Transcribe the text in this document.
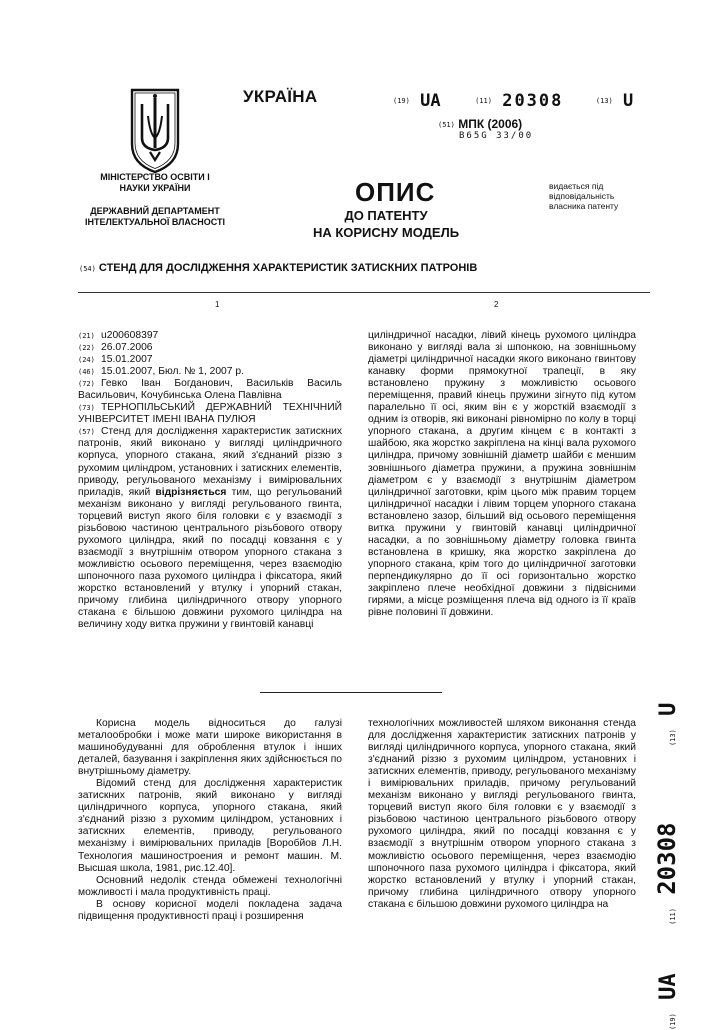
МІНІСТЕРСТВО ОСВІТИ І НАУКИ УКРАЇНИ
ДЕРЖАВНИЙ ДЕПАРТАМЕНТ ІНТЕЛЕКТУАЛЬНОЇ ВЛАСНОСТІ
УКРАЇНА	(19) UA	(11) 20308	(13) U
(51) МПК (2006)
B65G 33/00
ОПИС
ДО ПАТЕНТУ
НА КОРИСНУ МОДЕЛЬ
видається під відповідальність власника патенту
(54) СТЕНД ДЛЯ ДОСЛІДЖЕННЯ ХАРАКТЕРИСТИК ЗАТИСКНИХ ПАТРОНІВ
1	2
(21) u200608397
(22) 26.07.2006
(24) 15.01.2007
(46) 15.01.2007, Бюл. № 1, 2007 р.
(72) Гевко Іван Богданович, Васильків Василь Васильович, Кочубинська Олена Павлівна
(73) ТЕРНОПІЛЬСЬКИЙ ДЕРЖАВНИЙ ТЕХНІЧНИЙ УНІВЕРСИТЕТ ІМЕНІ ІВАНА ПУЛЮЯ

(57) Стенд для дослідження характеристик затискних патронів, який виконано у вигляді циліндричного корпуса, упорного стакана, який з'єднаний різзю з рухомим циліндром, установних і затискних елементів, приводу, регульованого механізму і вимірювальних приладів, який відрізняється тим, що регульований механізм виконано у вигляді регульованого гвинта, торцевий виступ якого біля головки є у взаємодії з різьбовою частиною центрального різьбового отвору рухомого циліндра, який по посадці ковзання є у взаємодії з внутрішнім отвором упорного стакана з можливістю осьового переміщення, через взаємодію шпоночного паза рухомого циліндра і фіксатора, який жорстко встановлений у втулку і упорний стакан, причому глибина циліндричного отвору упорного стакана є більшою довжини рухомого циліндра на величину ходу витка пружини у гвинтовій канавці

циліндричної насадки, лівий кінець рухомого циліндра виконано у вигляді вала зі шпонкою, на зовнішньому діаметрі циліндричної насадки якого виконано гвинтову канавку форми прямокутної трапеції, в яку встановлено пружину з можливістю осьового переміщення, правий кінець пружини зігнуто під кутом паралельно її осі, яким він є у жорсткій взаємодії з одним із отворів, які виконані рівномірно по колу в торці упорного стакана, а другим кінцем є в контакті з шайбою, яка жорстко закріплена на кінці вала рухомого циліндра, причому зовнішній діаметр шайби є меншим зовнішнього діаметра пружини, а пружина зовнішнім діаметром є у взаємодії з внутрішнім діаметром циліндричної заготовки, крім цього між правим торцем циліндричної насадки і лівим торцем упорного стакана встановлено зазор, більший від осьового переміщення витка пружини у гвинтовій канавці циліндричної насадки, а по зовнішньому діаметру головка гвинта встановлена в кришку, яка жорстко закріплена до упорного стакана, крім того до циліндричної заготовки перпендикулярно до її осі горизонтально жорстко закріплено плече необхідної довжини з підвісними гирями, а місце розміщення плеча від одного із її країв рівне половині її довжини.

Корисна модель відноситься до галузі металообробки і може мати широке використання в машинобудуванні для оброблення втулок і інших деталей, базування і закріплення яких здійснюється по внутрішньому діаметру.

Відомий стенд для дослідження характеристик затискних патронів, який виконано у вигляді циліндричного корпуса, упорного стакана, який з'єднаний різзю з рухомим циліндром, установних і затискних елементів, приводу, регульованого механізму і вимірювальних приладів [Воробйов Л.Н. Технология машиностроения и ремонт машин. М. Высшая школа, 1981, рис.12.40].

Основний недолік стенда обмежені технологічні можливості і мала продуктивність праці.

В основу корисної моделі покладена задача підвищення продуктивності праці і розширення

технологічних можливостей шляхом виконання стенда для дослідження характеристик затискних патронів у вигляді циліндричного корпуса, упорного стакана, який з'єднаний різзю з рухомим циліндром, установних і затискних елементів, приводу, регульованого механізму і вимірювальних приладів, причому регульований механізм виконано у вигляді регульованого гвинта, торцевий виступ якого біля головки є у взаємодії з різьбовою частиною центрального різьбового отвору рухомого циліндра, який по посадці ковзання є у взаємодії з внутрішнім отвором упорного стакана з можливістю осьового переміщення, через взаємодію шпоночного паза рухомого циліндра і фіксатора, який жорстко встановлений у втулку і упорний стакан, причому глибина циліндричного отвору упорного стакана є більшою довжини рухомого циліндра на

(19) UA  (11) 20308  (13) U
